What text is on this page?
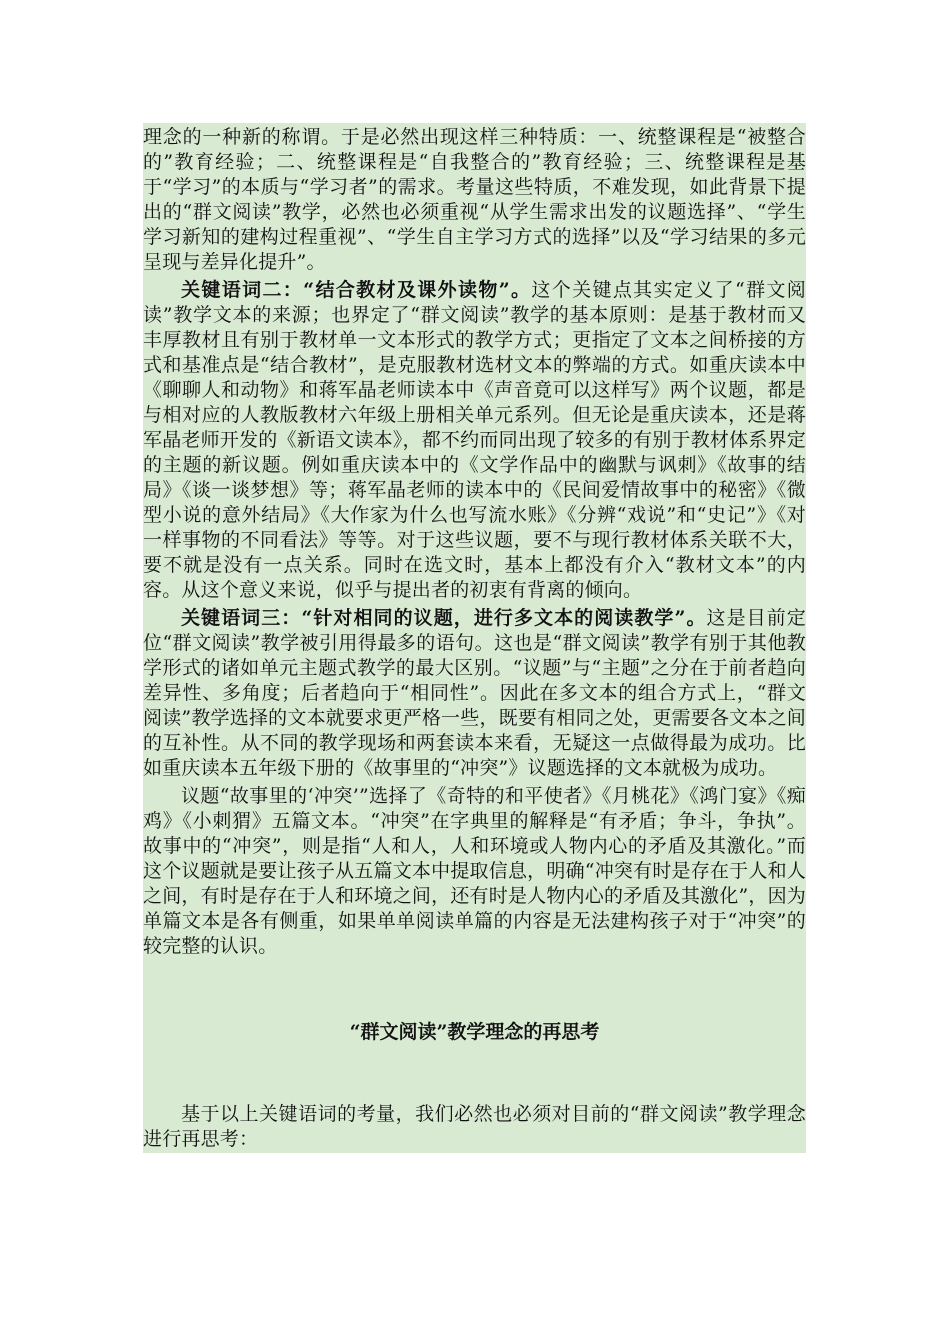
理念的一种新的称谓。于是必然出现这样三种特质：一、统整课程是“被整合的”教育经验；二、统整课程是“自我整合的”教育经验；三、统整课程是基于“学习”的本质与“学习者”的需求。考量这些特质，不难发现，如此背景下提出的“群文阅读”教学，必然也必须重视“从学生需求出发的议题选择”、“学生学习新知的建构过程重视”、“学生自主学习方式的选择”以及“学习结果的多元呈现与差异化提升”。

关键语词二：“结合教材及课外读物”。这个关键点其实定义了“群文阅读”教学文本的来源；也界定了“群文阅读”教学的基本原则：是基于教材而又丰厚教材且有别于教材单一文本形式的教学方式；更指定了文本之间桥接的方式和基准点是“结合教材”，是克服教材选材文本的弊端的方式。如重庆读本中《聊聊人和动物》和蒋军晶老师读本中《声音竟可以这样写》两个议题，都是与相对应的人教版教材六年级上册相关单元系列。但无论是重庆读本，还是蒋军晶老师开发的《新语文读本》，都不约而同出现了较多的有别于教材体系界定的主题的新议题。例如重庆读本中的《文学作品中的幽默与讽刺》《故事的结局》《谈一谈梦想》等；蒋军晶老师的读本中的《民间爱情故事中的秘密》《微型小说的意外结局》《大作家为什么也写流水账》《分辨“戏说”和“史记”》《对一样事物的不同看法》等等。对于这些议题，要不与现行教材体系关联不大，要不就是没有一点关系。同时在选文时，基本上都没有介入“教材文本”的内容。从这个意义来说，似乎与提出者的初衷有背离的倾向。

关键语词三：“针对相同的议题，进行多文本的阅读教学”。这是目前定位“群文阅读”教学被引用得最多的语句。这也是“群文阅读”教学有别于其他教学形式的诸如单元主题式教学的最大区别。“议题”与“主题”之分在于前者趋向差异性、多角度；后者趋向于“相同性”。因此在多文本的组合方式上，“群文阅读”教学选择的文本就要求更严格一些，既要有相同之处，更需要各文本之间的互补性。从不同的教学现场和两套读本来看，无疑这一点做得最为成功。比如重庆读本五年级下册的《故事里的“冲突”》议题选择的文本就极为成功。

议题“故事里的‘冲突’”选择了《奇特的和平使者》《月桃花》《鸿门宴》《痴鸡》《小刺猬》五篇文本。“冲突”在字典里的解释是“有矛盾；争斗，争执”。故事中的“冲突”，则是指“人和人，人和环境或人物内心的矛盾及其激化。”而这个议题就是要让孩子从五篇文本中提取信息，明确“冲突有时是存在于人和人之间，有时是存在于人和环境之间，还有时是人物内心的矛盾及其激化”，因为单篇文本是各有侧重，如果单单阅读单篇的内容是无法建构孩子对于“冲突”的较完整的认识。

“群文阅读”教学理念的再思考
基于以上关键语词的考量，我们必然也必须对目前的“群文阅读”教学理念进行再思考：
